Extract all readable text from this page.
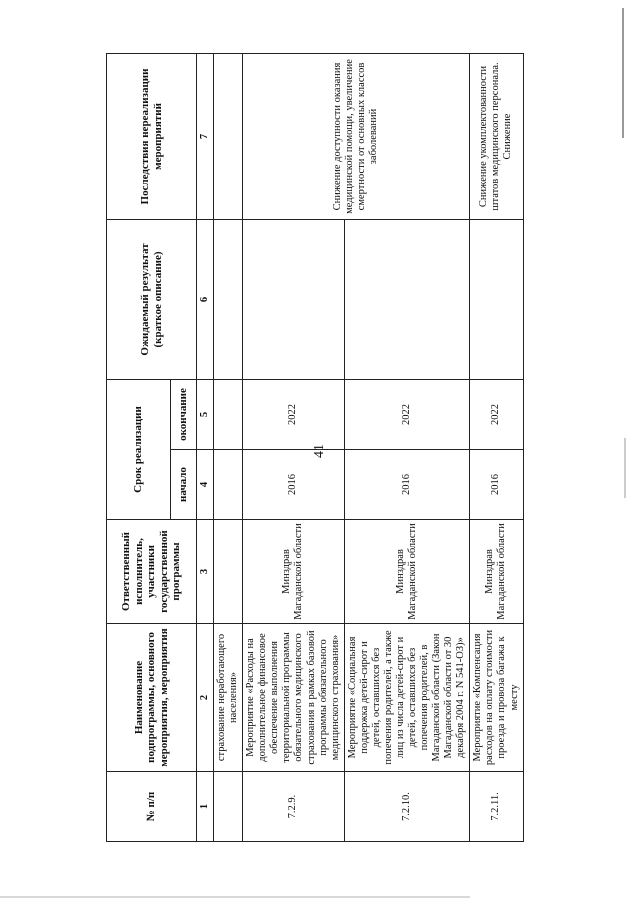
41
№ п/п	Наименование подпрограммы, основного мероприятия, мероприятия	Ответственный исполнитель, участники государственной программы	Срок реализации		Ожидаемый результат (краткое описание)	Последствия нереализации мероприятий
			начало	окончание		
1	2	3	4	5	6	7
	страхование неработающего населения»					
7.2.9.	Мероприятие «Расходы на дополнительное финансовое обеспечение выполнения территориальной программы обязательного медицинского страхования в рамках базовой программы обязательного медицинского страхования»	Минздрав Магаданской области	2016	2022		Снижение доступности оказания медицинской помощи, увеличение смертности от основных классов заболеваний
7.2.10.	Мероприятие «Социальная поддержка детей-сирот и детей, оставшихся без попечения родителей, а также лиц из числа детей-сирот и детей, оставшихся без попечения родителей, в Магаданской области (Закон Магаданской области от 30 декабря 2004 г. N 541-ОЗ)»	Минздрав Магаданской области	2016	2022		
7.2.11.	Мероприятие «Компенсация расходов на оплату стоимости проезда и провоза багажа к месту	Минздрав Магаданской области	2016	2022		Снижение укомплектованности штатов медицинского персонала. Снижение
